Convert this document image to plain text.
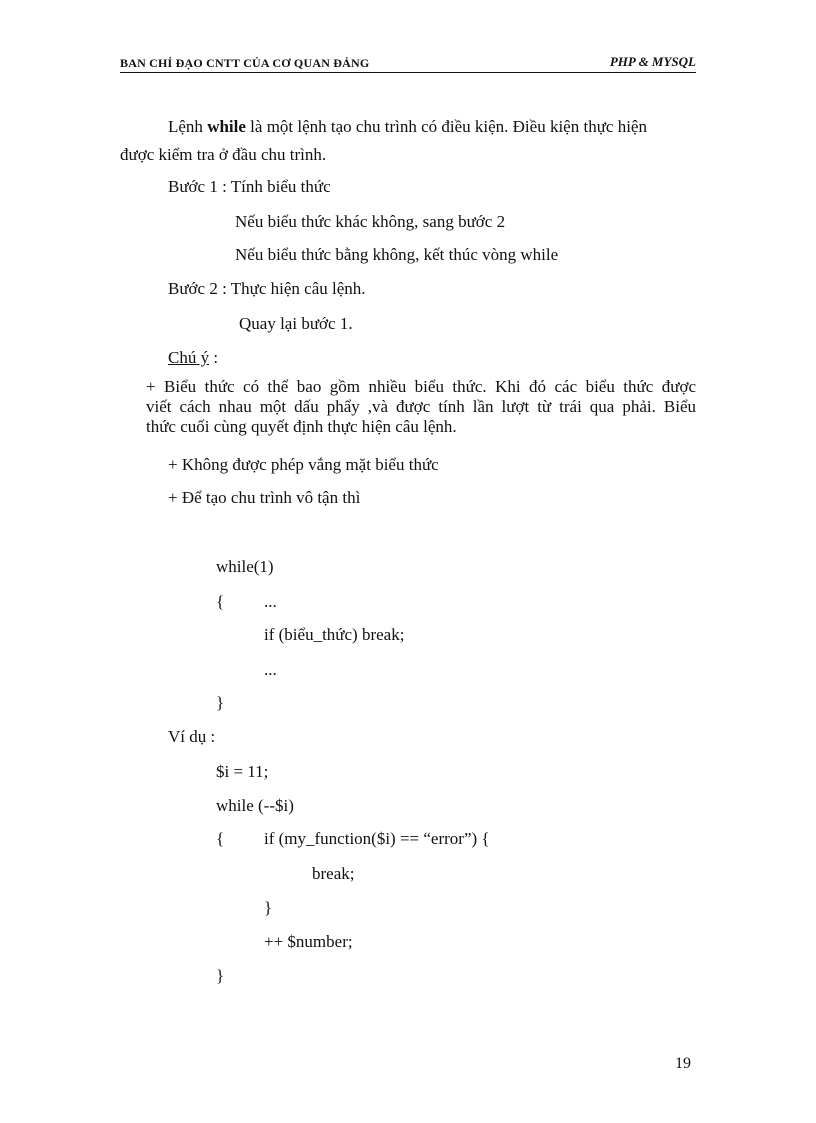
BAN CHỈ ĐẠO CNTT CỦA CƠ QUAN ĐẢNG	PHP & MYSQL
Lệnh while là một lệnh tạo chu trình có điều kiện. Điều kiện thực hiện
được kiểm tra ở đầu chu trình.
Bước 1 : Tính biểu thức
Nếu biểu thức khác không, sang bước 2
Nếu biểu thức bằng không, kết thúc vòng while
Bước 2 : Thực hiện câu lệnh.
Quay lại bước 1.
Chú ý :
+ Biểu thức có thể bao gồm nhiều biểu thức. Khi đó các biểu thức được
viết cách nhau một dấu phẩy ,và được tính lần lượt từ trái qua phải. Biểu
thức cuối cùng quyết định thực hiện câu lệnh.
+ Không được phép vắng mặt biểu thức
+ Để tạo chu trình vô tận thì
while(1)
{ ...
if (biểu_thức) break;
...
}
Ví dụ :
$i = 11;
while (--$i)
{ if (my_function($i) == “error”) {
break;
}
++ $number;
}
19
